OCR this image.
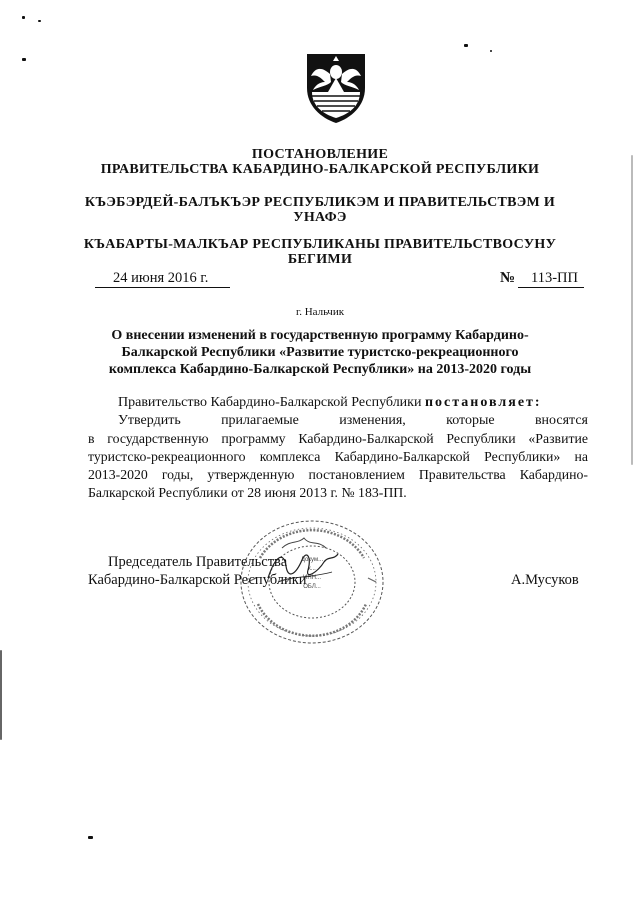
ПОСТАНОВЛЕНИЕ
ПРАВИТЕЛЬСТВА КАБАРДИНО-БАЛКАРСКОЙ РЕСПУБЛИКИ
КЪЭБЭРДЕЙ-БАЛЪКЪЭР РЕСПУБЛИКЭМ И ПРАВИТЕЛЬСТВЭМ И
УНАФЭ
КЪАБАРТЫ-МАЛКЪАР РЕСПУБЛИКАНЫ ПРАВИТЕЛЬСТВОСУНУ
БЕГИМИ
24 июня 2016 г.	№ 113-ПП
г. Нальчик
О внесении изменений в государственную программу Кабардино-
Балкарской Республики «Развитие туристско-рекреационного
комплекса Кабардино-Балкарской Республики» на 2013-2020 годы
Правительство Кабардино-Балкарской Республики постановляет:
Утвердить	прилагаемые	изменения,	которые	вносятся
в государственную программу Кабардино-Балкарской Республики «Развитие
туристско-рекреационного комплекса Кабардино-Балкарской Республики» на
2013-2020 годы, утвержденную постановлением Правительства Кабардино-
Балкарской Республики от 28 июня 2013 г. № 183-ПП.
Докум...
к...
ИНН...
ОБЛ...
Председатель Правительства
Кабардино-Балкарской Республики	А.Мусуков
